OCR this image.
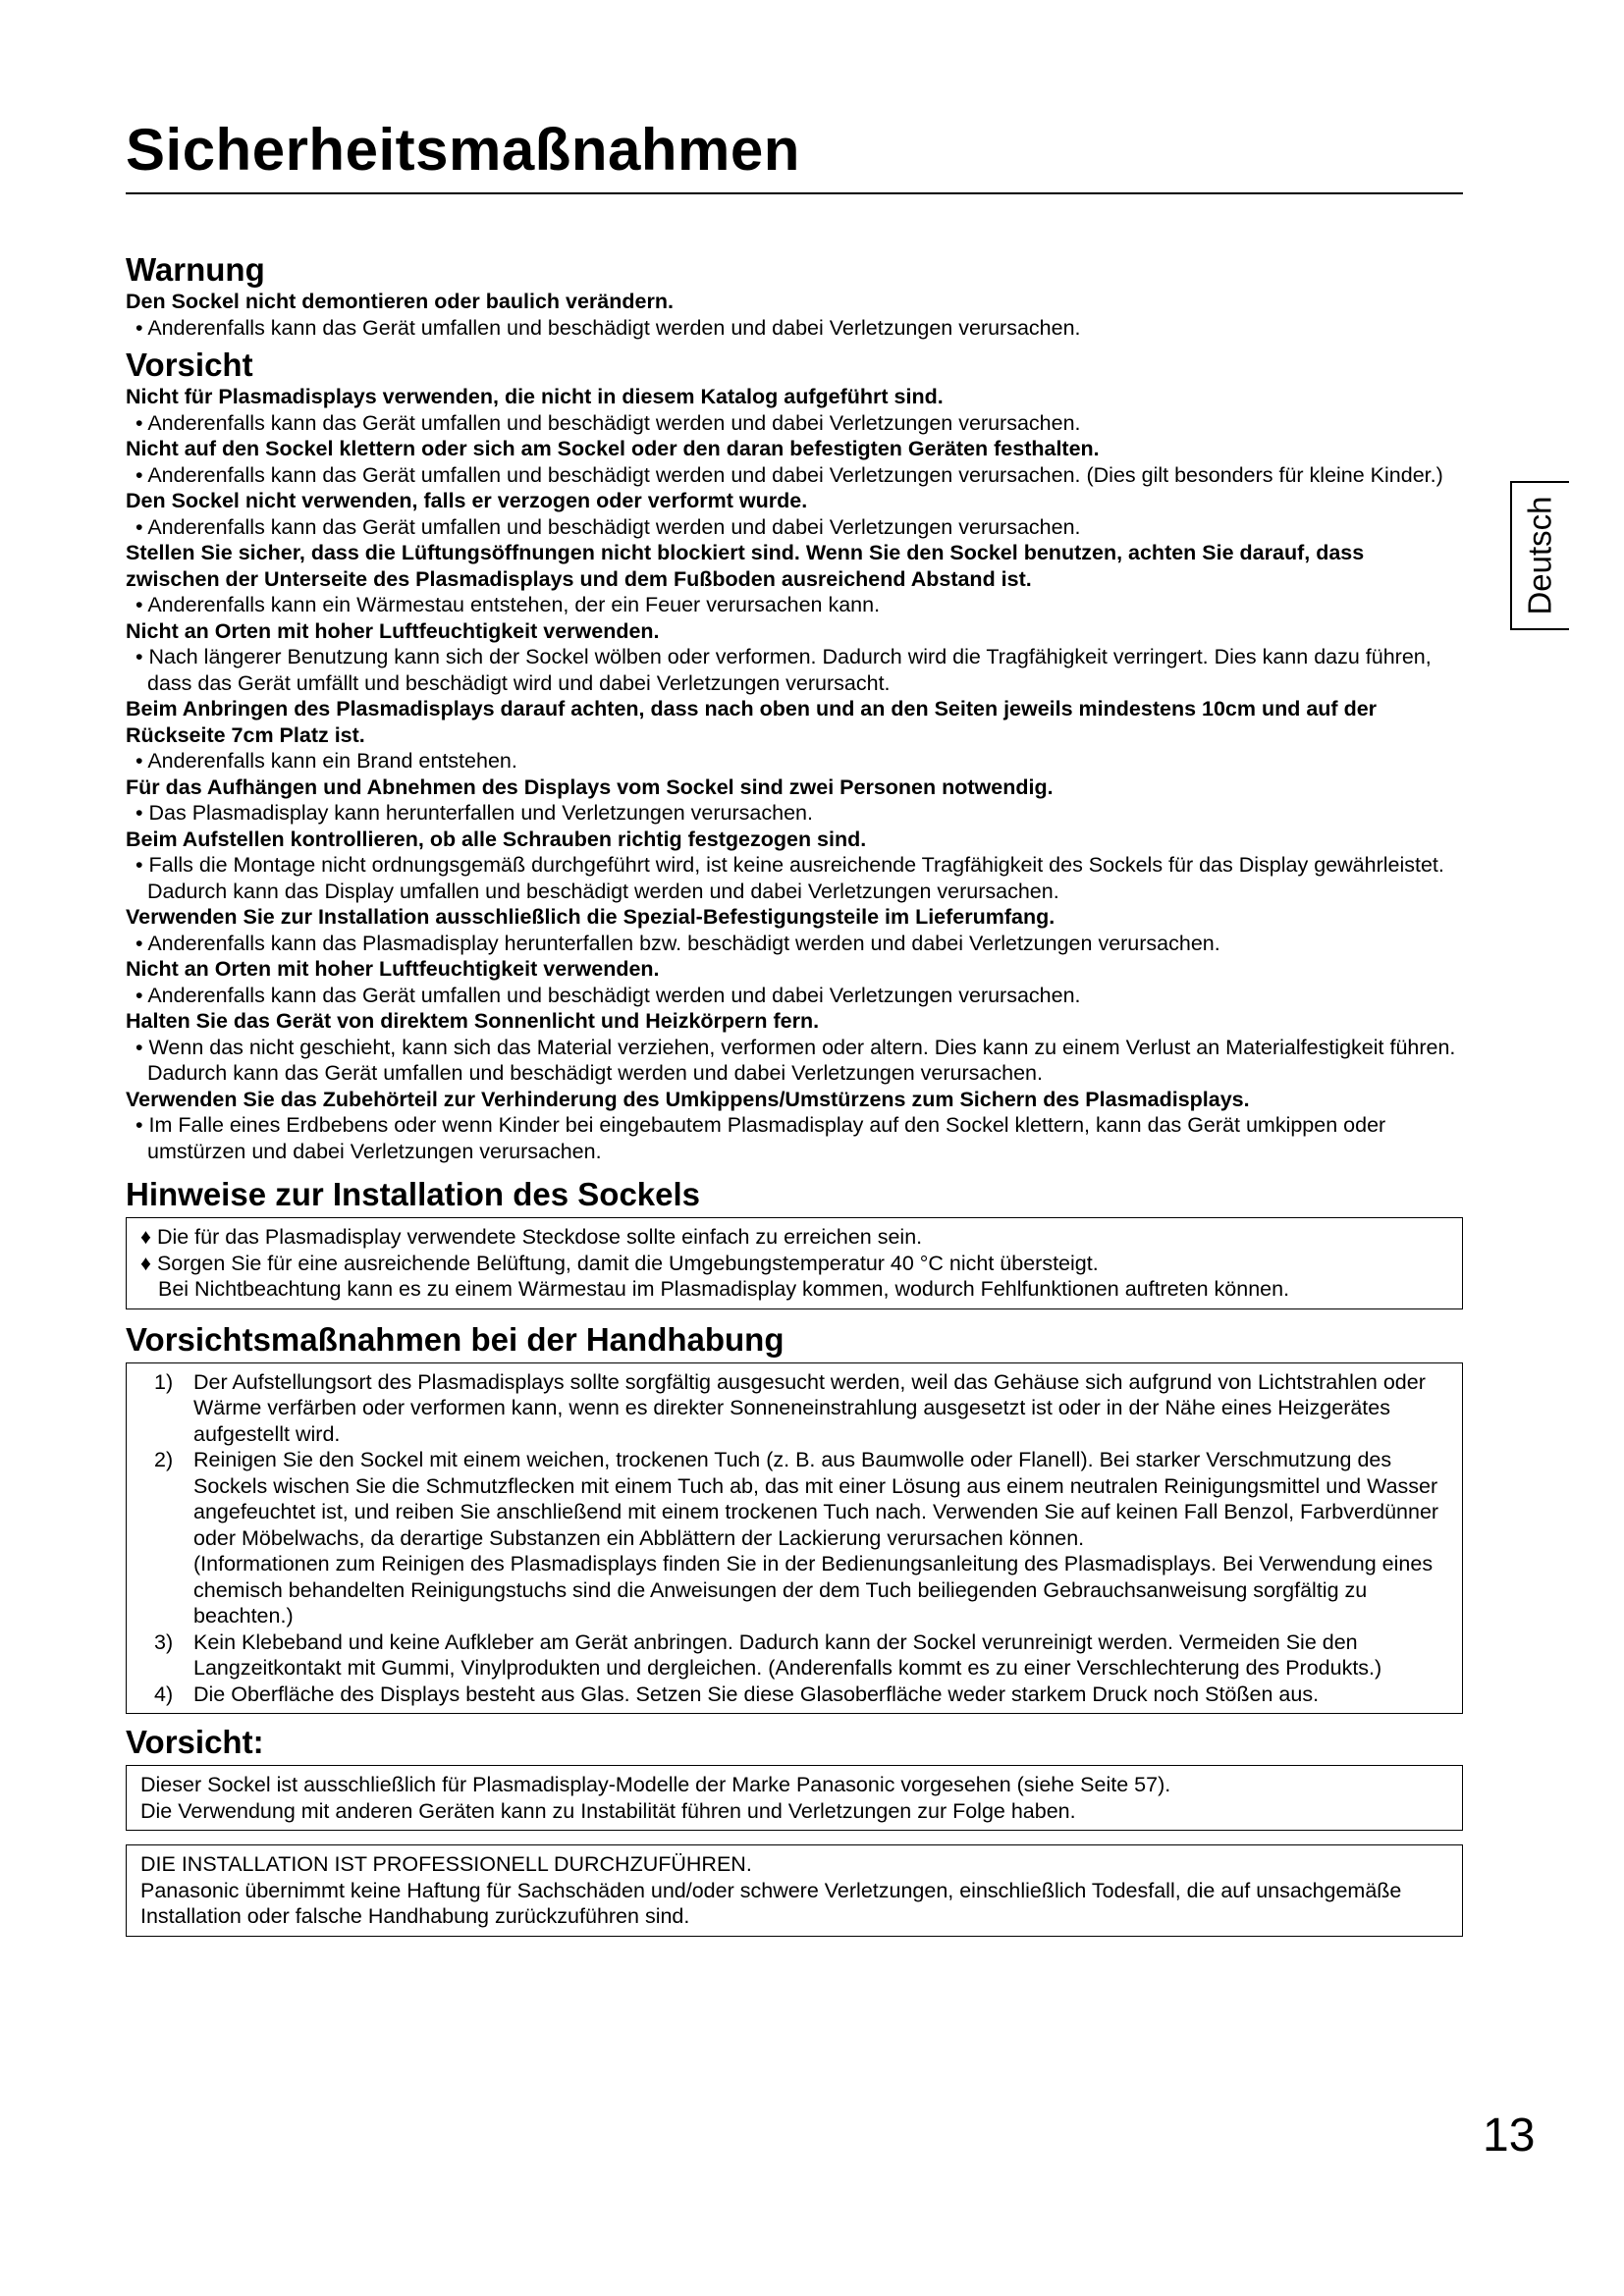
Sicherheitsmaßnahmen
Deutsch
Warnung
Den Sockel nicht demontieren oder baulich verändern.
• Anderenfalls kann das Gerät umfallen und beschädigt werden und dabei Verletzungen verursachen.
Vorsicht
Nicht für Plasmadisplays verwenden, die nicht in diesem Katalog aufgeführt sind.
• Anderenfalls kann das Gerät umfallen und beschädigt werden und dabei Verletzungen verursachen.
Nicht auf den Sockel klettern oder sich am Sockel oder den daran befestigten Geräten festhalten.
• Anderenfalls kann das Gerät umfallen und beschädigt werden und dabei Verletzungen verursachen. (Dies gilt besonders für kleine Kinder.)
Den Sockel nicht verwenden, falls er verzogen oder verformt wurde.
• Anderenfalls kann das Gerät umfallen und beschädigt werden und dabei Verletzungen verursachen.
Stellen Sie sicher, dass die Lüftungsöffnungen nicht blockiert sind. Wenn Sie den Sockel benutzen, achten Sie darauf, dass zwischen der Unterseite des Plasmadisplays und dem Fußboden ausreichend Abstand ist.
• Anderenfalls kann ein Wärmestau entstehen, der ein Feuer verursachen kann.
Nicht an Orten mit hoher Luftfeuchtigkeit verwenden.
• Nach längerer Benutzung kann sich der Sockel wölben oder verformen. Dadurch wird die Tragfähigkeit verringert. Dies kann dazu führen, dass das Gerät umfällt und beschädigt wird und dabei Verletzungen verursacht.
Beim Anbringen des Plasmadisplays darauf achten, dass nach oben und an den Seiten jeweils mindestens 10cm und auf der Rückseite 7cm Platz ist.
• Anderenfalls kann ein Brand entstehen.
Für das Aufhängen und Abnehmen des Displays vom Sockel sind zwei Personen notwendig.
• Das Plasmadisplay kann herunterfallen und Verletzungen verursachen.
Beim Aufstellen kontrollieren, ob alle Schrauben richtig festgezogen sind.
• Falls die Montage nicht ordnungsgemäß durchgeführt wird, ist keine ausreichende Tragfähigkeit des Sockels für das Display gewährleistet. Dadurch kann das Display umfallen und beschädigt werden und dabei Verletzungen verursachen.
Verwenden Sie zur Installation ausschließlich die Spezial-Befestigungsteile im Lieferumfang.
• Anderenfalls kann das Plasmadisplay herunterfallen bzw. beschädigt werden und dabei Verletzungen verursachen.
Nicht an Orten mit hoher Luftfeuchtigkeit verwenden.
• Anderenfalls kann das Gerät umfallen und beschädigt werden und dabei Verletzungen verursachen.
Halten Sie das Gerät von direktem Sonnenlicht und Heizkörpern fern.
• Wenn das nicht geschieht, kann sich das Material verziehen, verformen oder altern. Dies kann zu einem Verlust an Materialfestigkeit führen. Dadurch kann das Gerät umfallen und beschädigt werden und dabei Verletzungen verursachen.
Verwenden Sie das Zubehörteil zur Verhinderung des Umkippens/Umstürzens zum Sichern des Plasmadisplays.
• Im Falle eines Erdbebens oder wenn Kinder bei eingebautem Plasmadisplay auf den Sockel klettern, kann das Gerät umkippen oder umstürzen und dabei Verletzungen verursachen.
Hinweise zur Installation des Sockels
♦ Die für das Plasmadisplay verwendete Steckdose sollte einfach zu erreichen sein.
♦ Sorgen Sie für eine ausreichende Belüftung, damit die Umgebungstemperatur 40 °C nicht übersteigt.
Bei Nichtbeachtung kann es zu einem Wärmestau im Plasmadisplay kommen, wodurch Fehlfunktionen auftreten können.
Vorsichtsmaßnahmen bei der Handhabung
1) Der Aufstellungsort des Plasmadisplays sollte sorgfältig ausgesucht werden, weil das Gehäuse sich aufgrund von Lichtstrahlen oder Wärme verfärben oder verformen kann, wenn es direkter Sonneneinstrahlung ausgesetzt ist oder in der Nähe eines Heizgerätes aufgestellt wird.
2) Reinigen Sie den Sockel mit einem weichen, trockenen Tuch (z. B. aus Baumwolle oder Flanell). Bei starker Verschmutzung des Sockels wischen Sie die Schmutzflecken mit einem Tuch ab, das mit einer Lösung aus einem neutralen Reinigungsmittel und Wasser angefeuchtet ist, und reiben Sie anschließend mit einem trockenen Tuch nach. Verwenden Sie auf keinen Fall Benzol, Farbverdünner oder Möbelwachs, da derartige Substanzen ein Abblättern der Lackierung verursachen können.
(Informationen zum Reinigen des Plasmadisplays finden Sie in der Bedienungsanleitung des Plasmadisplays. Bei Verwendung eines chemisch behandelten Reinigungstuchs sind die Anweisungen der dem Tuch beiliegenden Gebrauchsanweisung sorgfältig zu beachten.)
3) Kein Klebeband und keine Aufkleber am Gerät anbringen. Dadurch kann der Sockel verunreinigt werden. Vermeiden Sie den Langzeitkontakt mit Gummi, Vinylprodukten und dergleichen. (Anderenfalls kommt es zu einer Verschlechterung des Produkts.)
4) Die Oberfläche des Displays besteht aus Glas. Setzen Sie diese Glasoberfläche weder starkem Druck noch Stößen aus.
Vorsicht:
Dieser Sockel ist ausschließlich für Plasmadisplay-Modelle der Marke Panasonic vorgesehen (siehe Seite 57).
Die Verwendung mit anderen Geräten kann zu Instabilität führen und Verletzungen zur Folge haben.
DIE INSTALLATION IST PROFESSIONELL DURCHZUFÜHREN.
Panasonic übernimmt keine Haftung für Sachschäden und/oder schwere Verletzungen, einschließlich Todesfall, die auf unsachgemäße Installation oder falsche Handhabung zurückzuführen sind.
13
